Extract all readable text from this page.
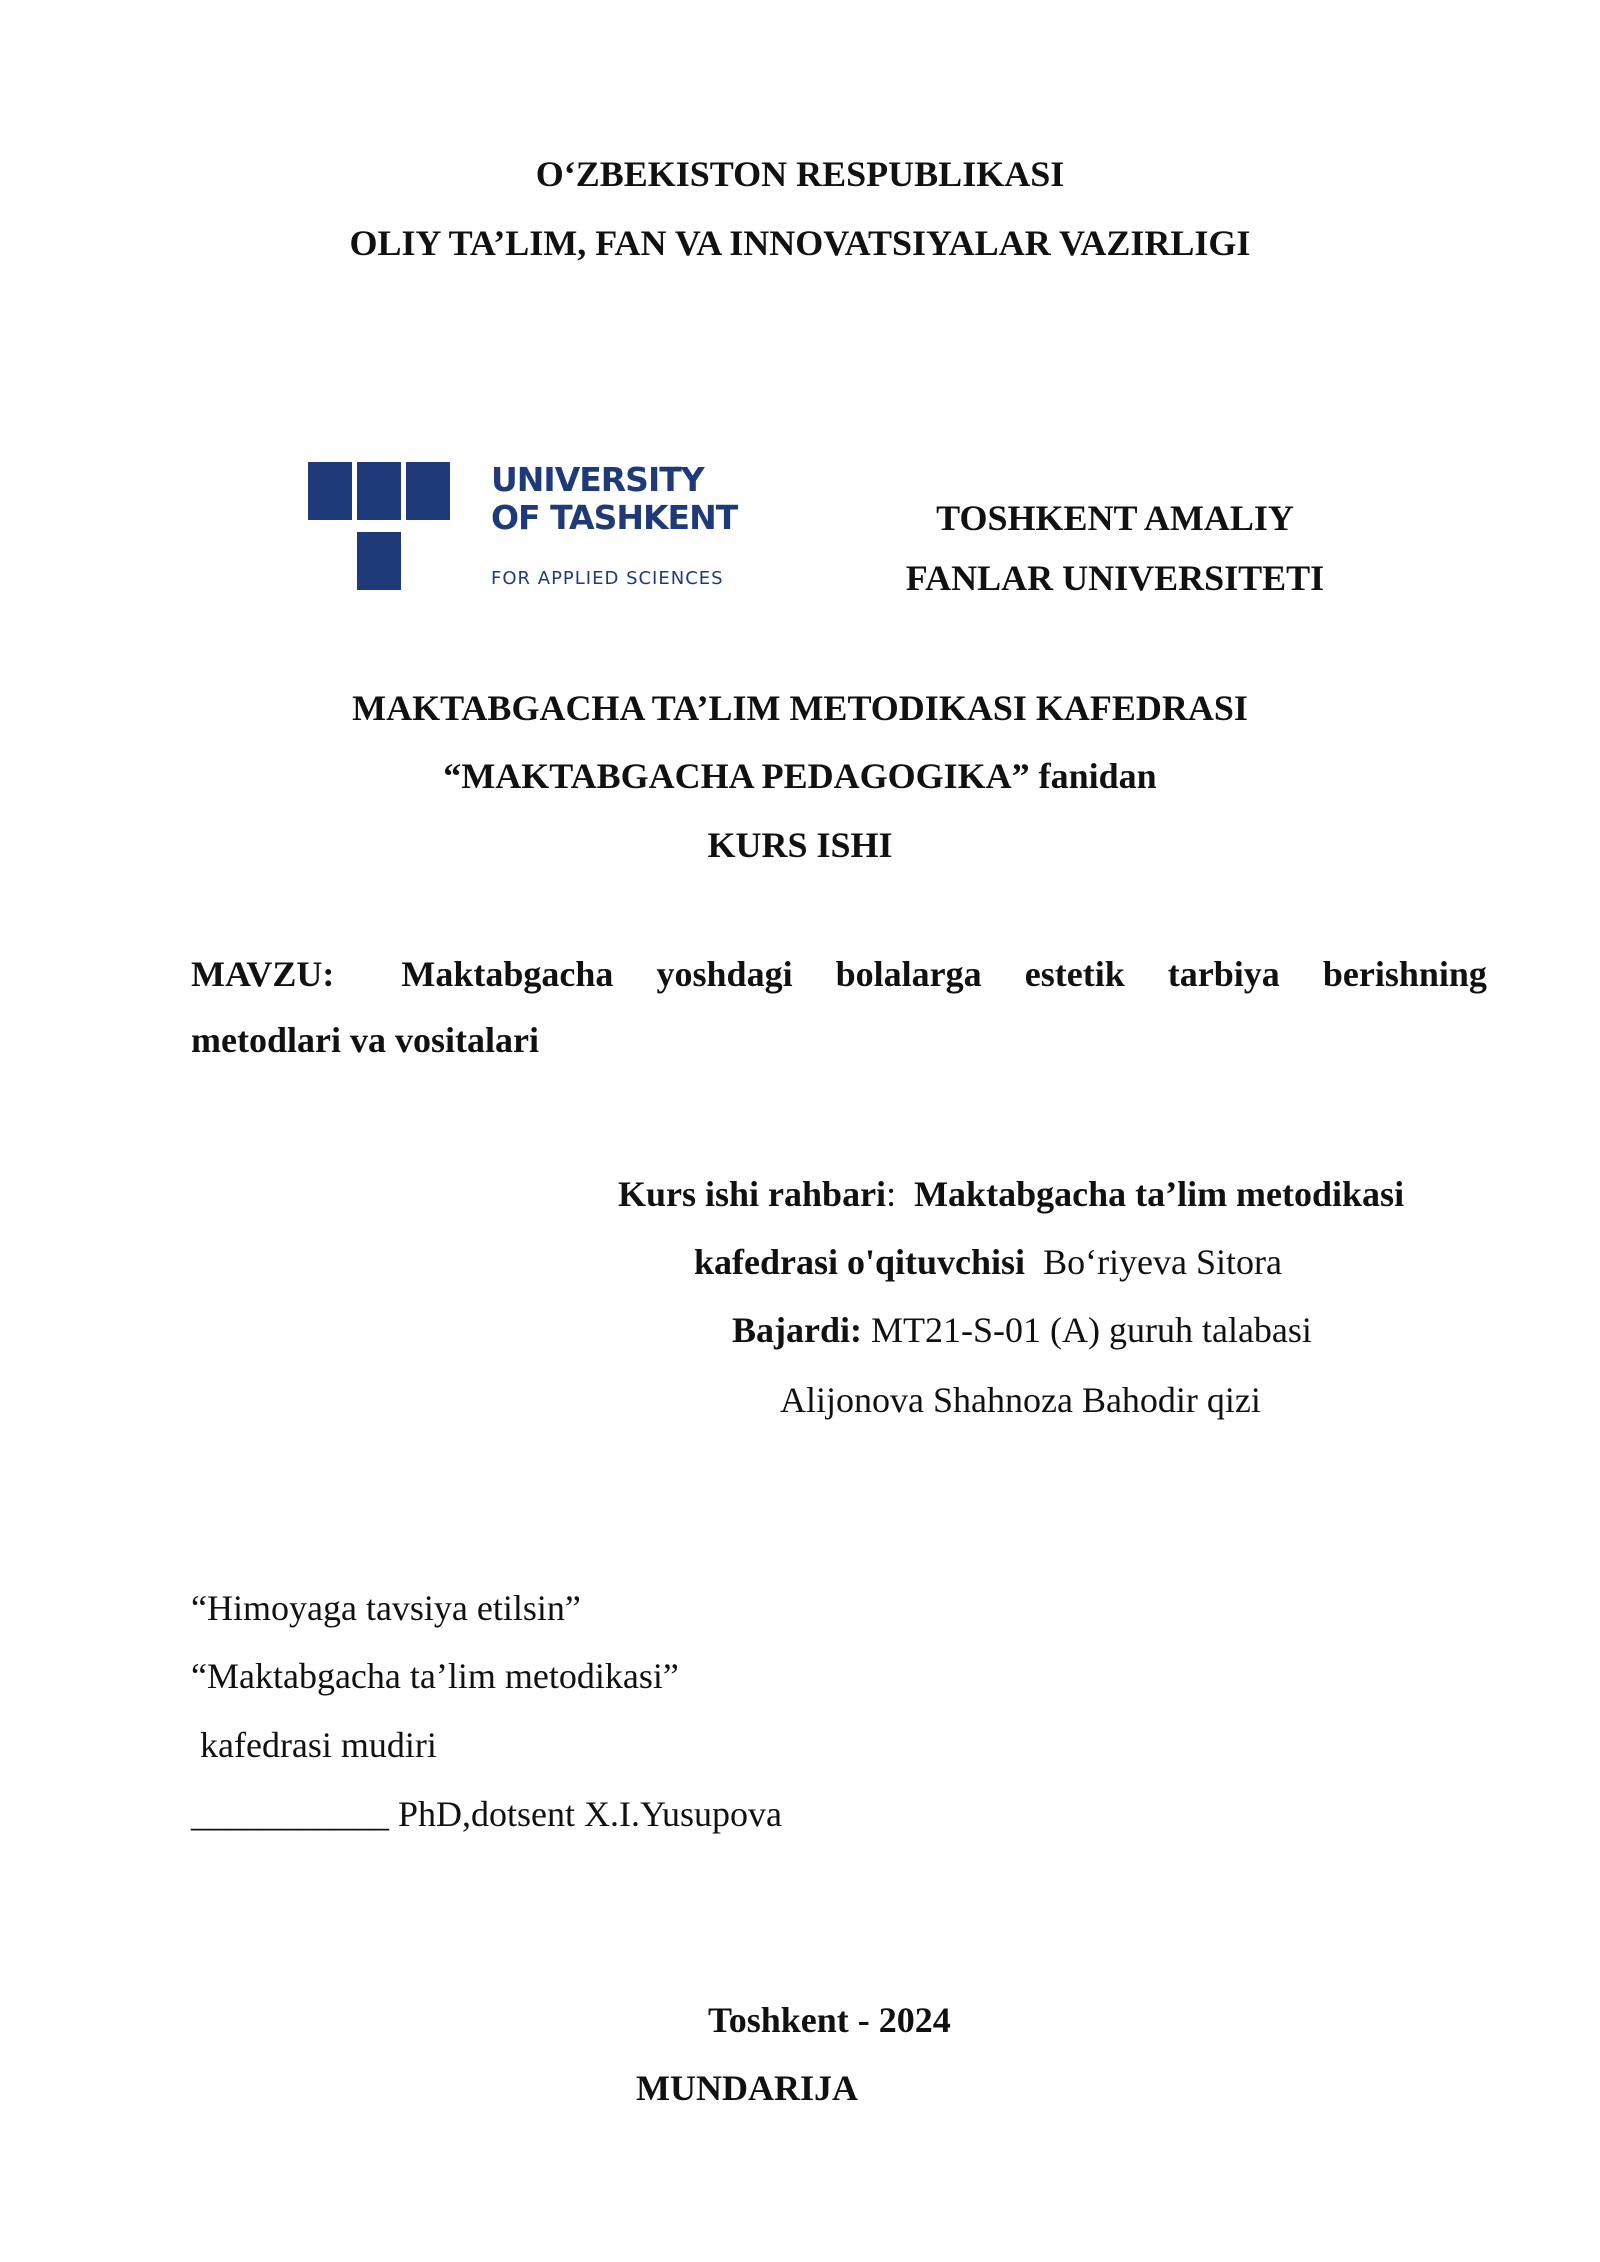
O‘ZBEKISTON RESPUBLIKASI
OLIY TA’LIM, FAN VA INNOVATSIYALAR VAZIRLIGI
UNIVERSITY
OF TASHKENT
FOR APPLIED SCIENCES
TOSHKENT AMALIY
FANLAR UNIVERSITETI
MAKTABGACHA TA’LIM METODIKASI KAFEDRASI
“MAKTABGACHA PEDAGOGIKA” fanidan
KURS ISHI
MAVZU: Maktabgacha yoshdagi bolalarga estetik tarbiya berishning
metodlari va vositalari
Kurs ishi rahbari: Maktabgacha ta’lim metodikasi
kafedrasi o'qituvchisi Bo‘riyeva Sitora
Bajardi: MT21-S-01 (A) guruh talabasi
Alijonova Shahnoza Bahodir qizi
“Himoyaga tavsiya etilsin”
“Maktabgacha ta’lim metodikasi”
kafedrasi mudiri
___________ PhD,dotsent X.I.Yusupova
Toshkent - 2024
MUNDARIJA
